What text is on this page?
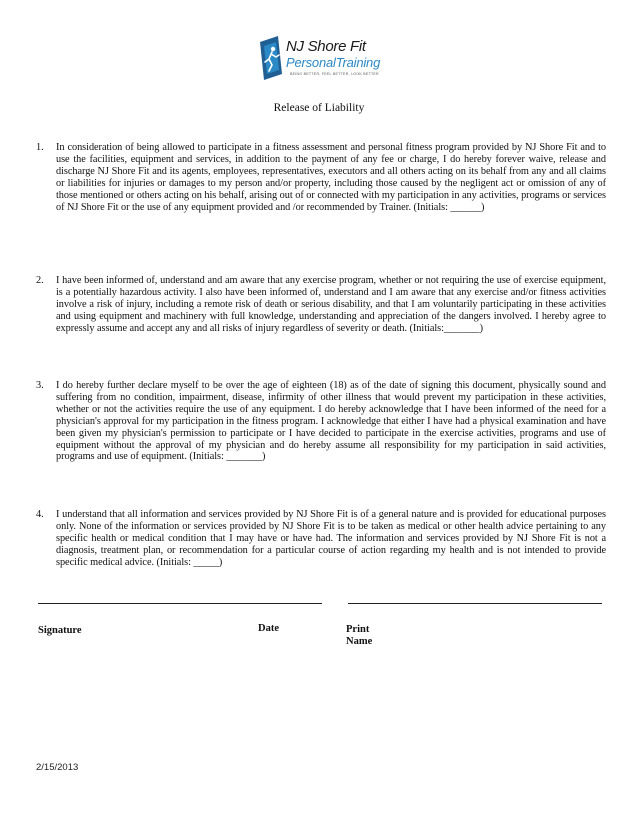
NJ Shore Fit
PersonalTraining
BEING BETTER, FEEL BETTER, LOOK BETTER
Release of Liability
1.	In consideration of being allowed to participate in a fitness assessment and personal fitness program provided by NJ Shore Fit and to use the facilities, equipment and services, in addition to the payment of any fee or charge, I do hereby forever waive, release and discharge NJ Shore Fit and its agents, employees, representatives, executors and all others acting on its behalf from any and all claims or liabilities for injuries or damages to my person and/or property, including those caused by the negligent act or omission of any of those mentioned or others acting on his behalf, arising out of or connected with my participation in any activities, programs or services of NJ Shore Fit or the use of any equipment provided and /or recommended by Trainer. (Initials: ______)
2.	I have been informed of, understand and am aware that any exercise program, whether or not requiring the use of exercise equipment, is a potentially hazardous activity. I also have been informed of, understand and I am aware that any exercise and/or fitness activities involve a risk of injury, including a remote risk of death or serious disability, and that I am voluntarily participating in these activities and using equipment and machinery with full knowledge, understanding and appreciation of the dangers involved. I hereby agree to expressly assume and accept any and all risks of injury regardless of severity or death. (Initials:_______)
3.	I do hereby further declare myself to be over the age of eighteen (18) as of the date of signing this document, physically sound and suffering from no condition, impairment, disease, infirmity of other illness that would prevent my participation in these activities, whether or not the activities require the use of any equipment. I do hereby acknowledge that I have been informed of the need for a physician's approval for my participation in the fitness program. I acknowledge that either I have had a physical examination and have been given my physician's permission to participate or I have decided to participate in the exercise activities, programs and use of equipment without the approval of my physician and do hereby assume all responsibility for my participation in said activities, programs and use of equipment. (Initials: _______)
4.	I understand that all information and services provided by NJ Shore Fit is of a general nature and is provided for educational purposes only. None of the information or services provided by NJ Shore Fit is to be taken as medical or other health advice pertaining to any specific health or medical condition that I may have or have had. The information and services provided by NJ Shore Fit is not a diagnosis, treatment plan, or recommendation for a particular course of action regarding my health and is not intended to provide specific medical advice. (Initials: _____)
Signature	Date	Print Name
2/15/2013
